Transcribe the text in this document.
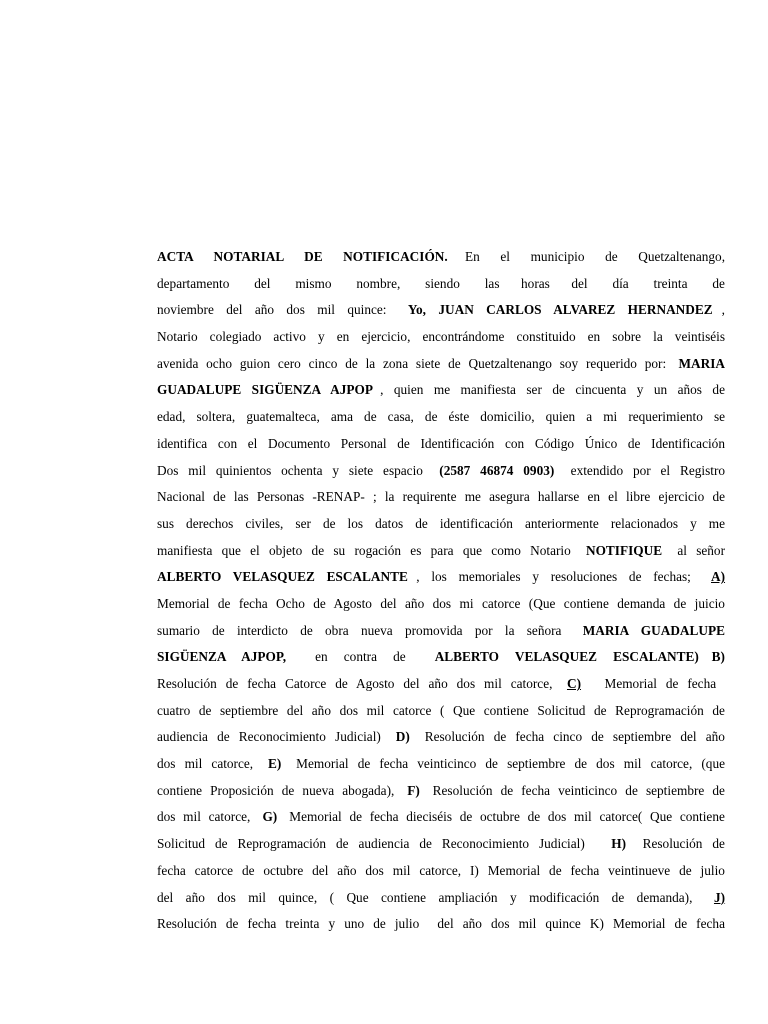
ACTA NOTARIAL DE NOTIFICACIÓN. En el municipio de Quetzaltenango,
departamento del mismo nombre, siendo las horas del día treinta de
noviembre del año dos mil quince: Yo, JUAN CARLOS ALVAREZ HERNANDEZ ,
Notario colegiado activo y en ejercicio, encontrándome constituido en sobre la veintiséis
avenida ocho guion cero cinco de la zona siete de Quetzaltenango soy requerido por: MARIA
GUADALUPE SIGÜENZA AJPOP , quien me manifiesta ser de cincuenta y un años de
edad, soltera, guatemalteca, ama de casa, de éste domicilio, quien a mi requerimiento se
identifica con el Documento Personal de Identificación con Código Único de Identificación
Dos mil quinientos ochenta y siete espacio (2587 46874 0903) extendido por el Registro
Nacional de las Personas -RENAP- ; la requirente me asegura hallarse en el libre ejercicio de
sus derechos civiles, ser de los datos de identificación anteriormente relacionados y me
manifiesta que el objeto de su rogación es para que como Notario NOTIFIQUE al señor
ALBERTO VELASQUEZ ESCALANTE , los memoriales y resoluciones de fechas; A)
Memorial de fecha Ocho de Agosto del año dos mi catorce (Que contiene demanda de juicio
sumario de interdicto de obra nueva promovida por la señora MARIA GUADALUPE
SIGÜENZA AJPOP, en contra de ALBERTO VELASQUEZ ESCALANTE) B)
Resolución de fecha Catorce de Agosto del año dos mil catorce, C) Memorial de fecha
cuatro de septiembre del año dos mil catorce ( Que contiene Solicitud de Reprogramación de
audiencia de Reconocimiento Judicial) D) Resolución de fecha cinco de septiembre del año
dos mil catorce, E) Memorial de fecha veinticinco de septiembre de dos mil catorce, (que
contiene Proposición de nueva abogada), F) Resolución de fecha veinticinco de septiembre de
dos mil catorce, G) Memorial de fecha dieciséis de octubre de dos mil catorce( Que contiene
Solicitud de Reprogramación de audiencia de Reconocimiento Judicial) H) Resolución de
fecha catorce de octubre del año dos mil catorce, I) Memorial de fecha veintinueve de julio
del año dos mil quince, ( Que contiene ampliación y modificación de demanda), J)
Resolución de fecha treinta y uno de julio  del año dos mil quince K) Memorial de fecha
